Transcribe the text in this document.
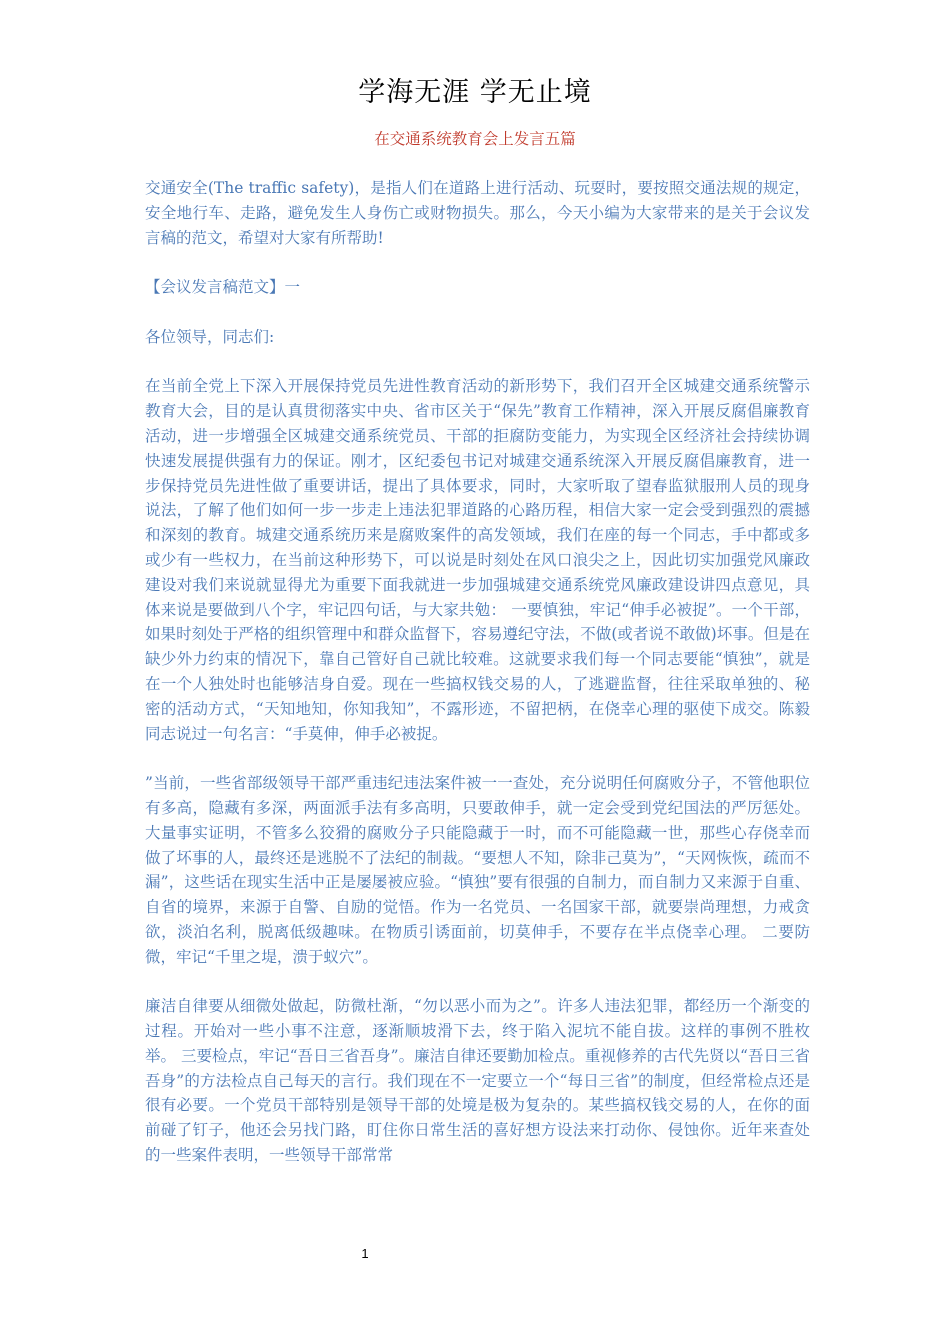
学海无涯 学无止境
在交通系统教育会上发言五篇

交通安全(The traffic safety)，是指人们在道路上进行活动、玩耍时，要按照交通法规的规定，安全地行车、走路，避免发生人身伤亡或财物损失。那么，今天小编为大家带来的是关于会议发言稿的范文，希望对大家有所帮助!

【会议发言稿范文】一

各位领导，同志们:

在当前全党上下深入开展保持党员先进性教育活动的新形势下，我们召开全区城建交通系统警示教育大会，目的是认真贯彻落实中央、省市区关于“保先”教育工作精神，深入开展反腐倡廉教育活动，进一步增强全区城建交通系统党员、干部的拒腐防变能力，为实现全区经济社会持续协调快速发展提供强有力的保证。刚才，区纪委包书记对城建交通系统深入开展反腐倡廉教育，进一步保持党员先进性做了重要讲话，提出了具体要求，同时，大家听取了望春监狱服刑人员的现身说法，了解了他们如何一步一步走上违法犯罪道路的心路历程，相信大家一定会受到强烈的震撼和深刻的教育。城建交通系统历来是腐败案件的高发领域，我们在座的每一个同志，手中都或多或少有一些权力，在当前这种形势下，可以说是时刻处在风口浪尖之上，因此切实加强党风廉政建设对我们来说就显得尤为重要下面我就进一步加强城建交通系统党风廉政建设讲四点意见，具体来说是要做到八个字，牢记四句话，与大家共勉： 一要慎独，牢记“伸手必被捉”。一个干部，如果时刻处于严格的组织管理中和群众监督下，容易遵纪守法，不做(或者说不敢做)坏事。但是在缺少外力约束的情况下，靠自己管好自己就比较难。这就要求我们每一个同志要能“慎独”，就是在一个人独处时也能够洁身自爱。现在一些搞权钱交易的人，了逃避监督，往往采取单独的、秘密的活动方式，“天知地知，你知我知”，不露形迹，不留把柄，在侥幸心理的驱使下成交。陈毅同志说过一句名言：“手莫伸，伸手必被捉。

”当前，一些省部级领导干部严重违纪违法案件被一一查处，充分说明任何腐败分子，不管他职位有多高，隐藏有多深，两面派手法有多高明，只要敢伸手，就一定会受到党纪国法的严厉惩处。大量事实证明，不管多么狡猾的腐败分子只能隐藏于一时，而不可能隐藏一世，那些心存侥幸而做了坏事的人，最终还是逃脱不了法纪的制裁。“要想人不知，除非己莫为”，“天网恢恢，疏而不漏”，这些话在现实生活中正是屡屡被应验。“慎独”要有很强的自制力，而自制力又来源于自重、自省的境界，来源于自警、自励的觉悟。作为一名党员、一名国家干部，就要崇尚理想，力戒贪欲，淡泊名利，脱离低级趣味。在物质引诱面前，切莫伸手，不要存在半点侥幸心理。 二要防微，牢记“千里之堤，溃于蚁穴”。

廉洁自律要从细微处做起，防微杜渐，“勿以恶小而为之”。许多人违法犯罪，都经历一个渐变的过程。开始对一些小事不注意，逐渐顺坡滑下去，终于陷入泥坑不能自拔。这样的事例不胜枚举。 三要检点，牢记“吾日三省吾身”。廉洁自律还要勤加检点。重视修养的古代先贤以“吾日三省吾身”的方法检点自己每天的言行。我们现在不一定要立一个“每日三省”的制度，但经常检点还是很有必要。一个党员干部特别是领导干部的处境是极为复杂的。某些搞权钱交易的人，在你的面前碰了钉子，他还会另找门路，盯住你日常生活的喜好想方设法来打动你、侵蚀你。近年来查处的一些案件表明，一些领导干部常常

1
